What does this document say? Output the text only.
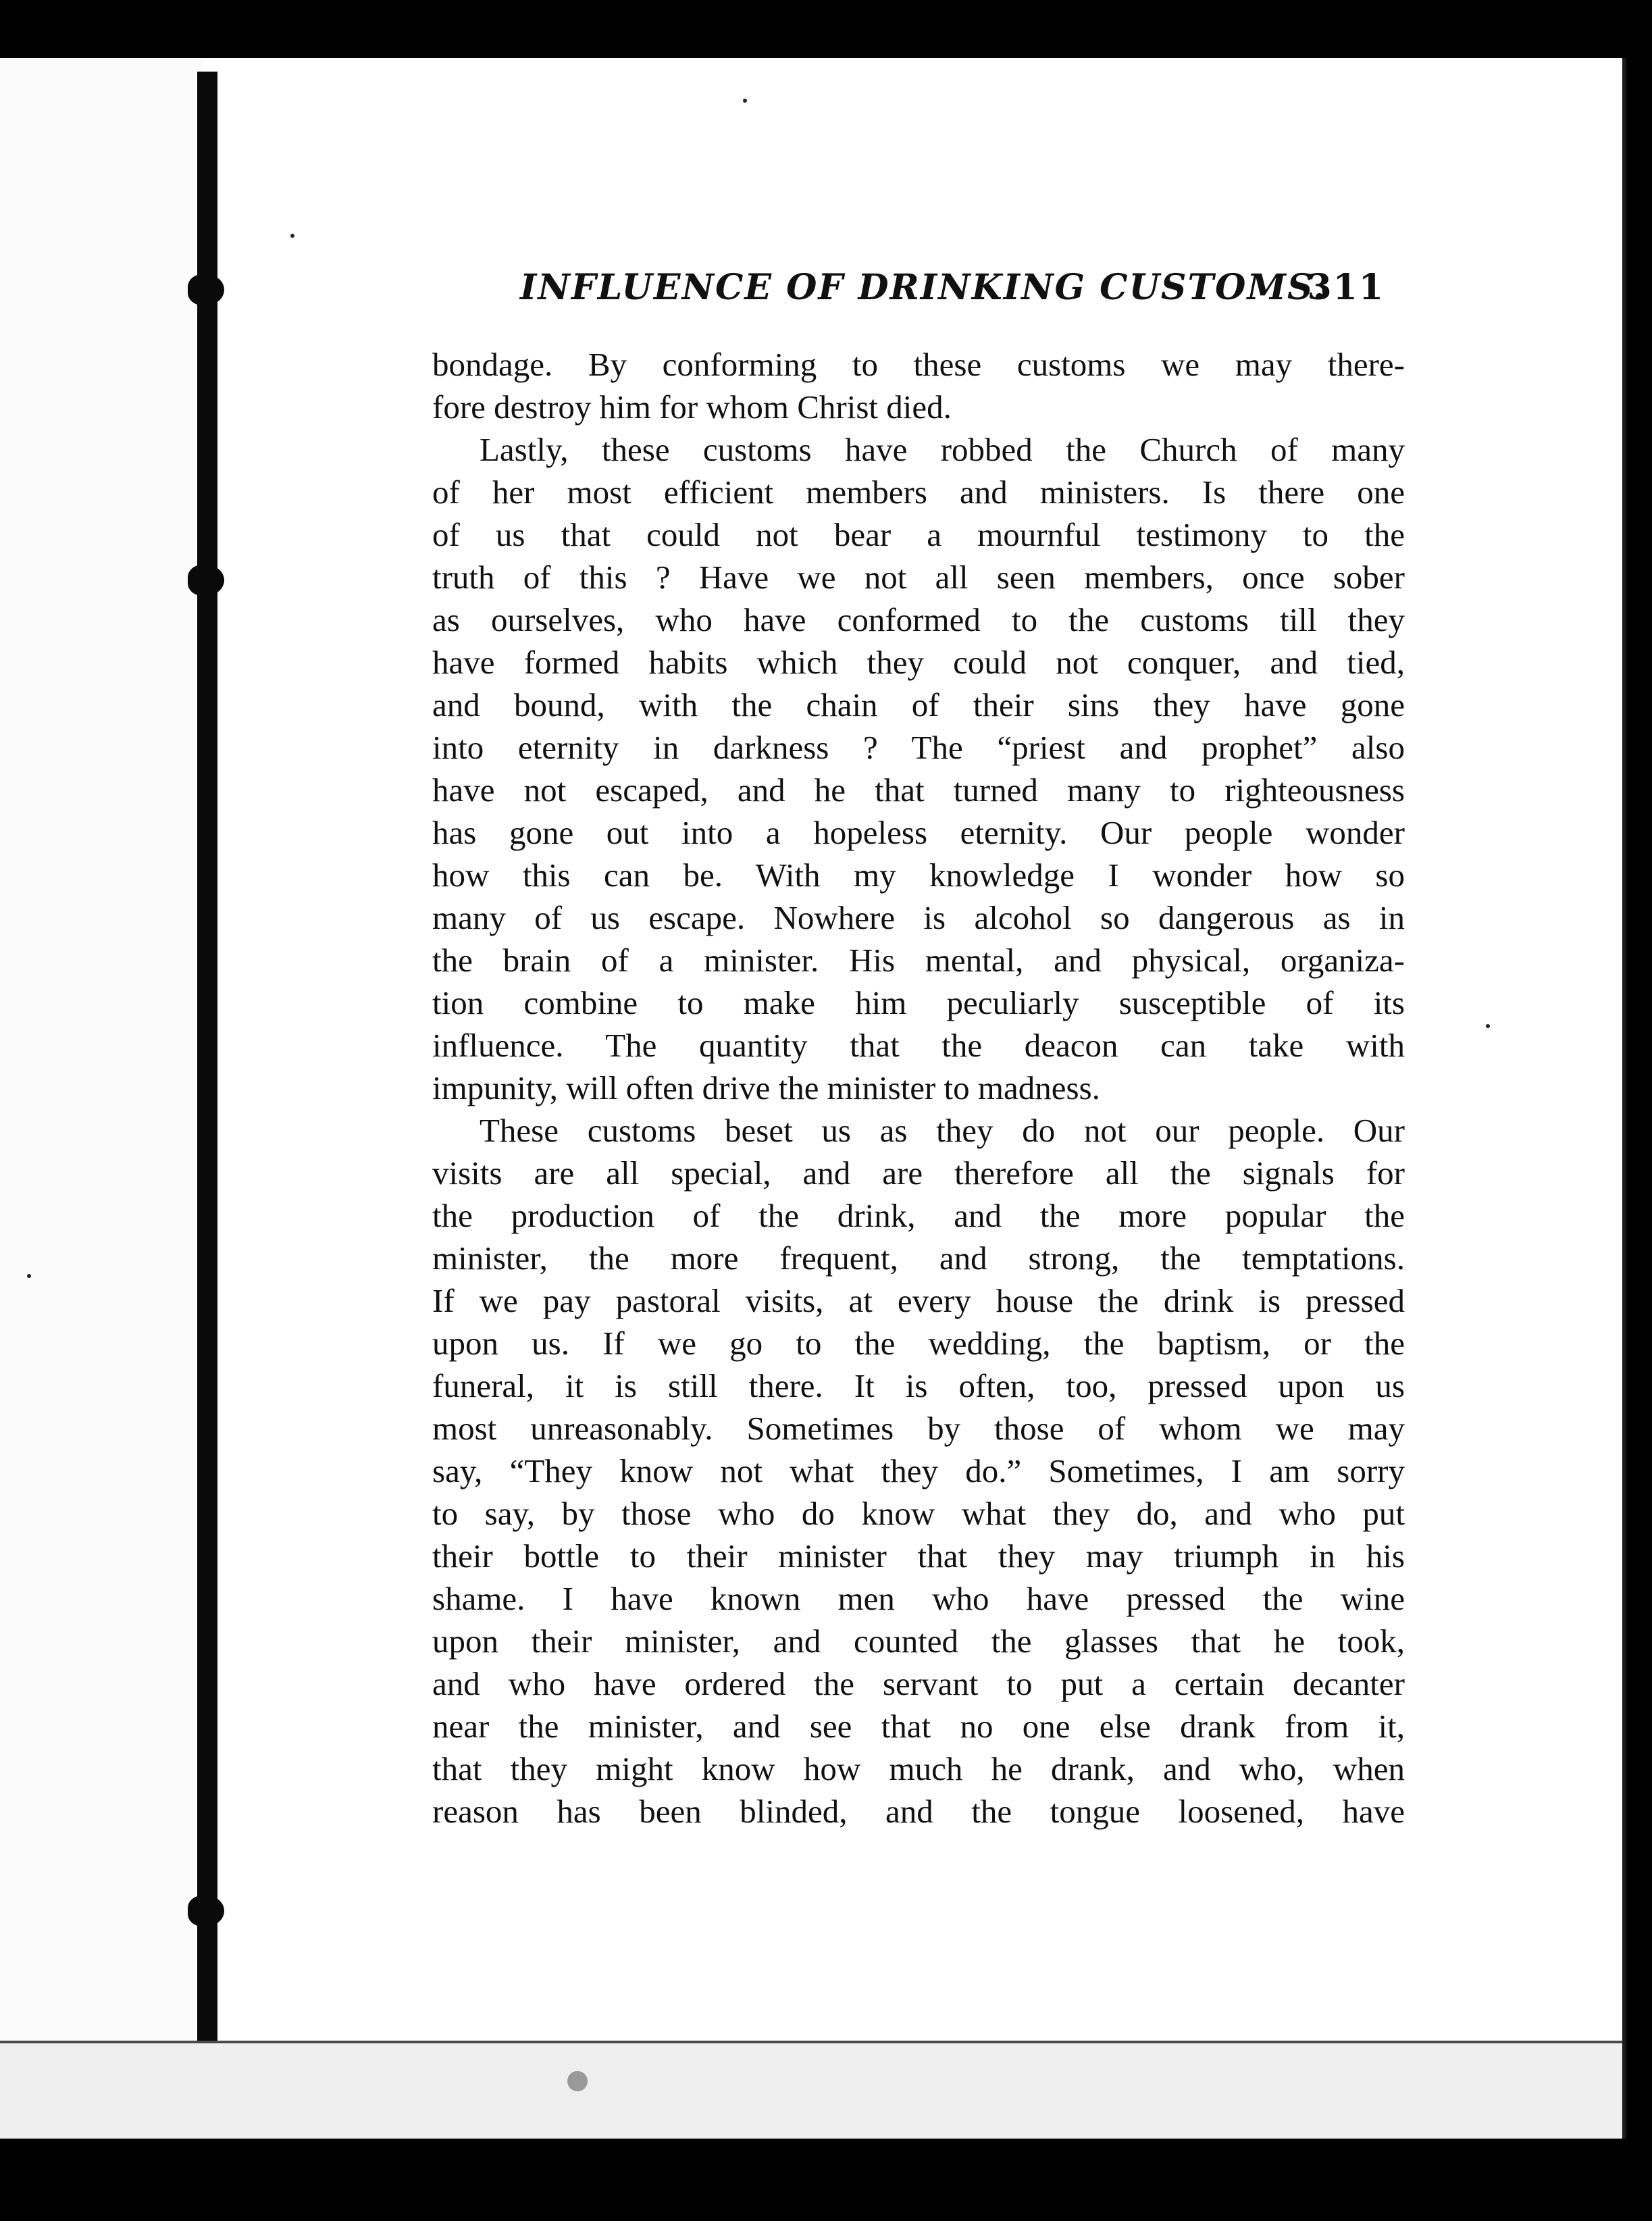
INFLUENCE OF DRINKING CUSTOMS.
311
bondage. By conforming to these customs we may there-
fore destroy him for whom Christ died.
Lastly, these customs have robbed the Church of many
of her most efficient members and ministers. Is there one
of us that could not bear a mournful testimony to the
truth of this ? Have we not all seen members, once sober
as ourselves, who have conformed to the customs till they
have formed habits which they could not conquer, and tied,
and bound, with the chain of their sins they have gone
into eternity in darkness ? The “priest and prophet” also
have not escaped, and he that turned many to righteousness
has gone out into a hopeless eternity. Our people wonder
how this can be. With my knowledge I wonder how so
many of us escape. Nowhere is alcohol so dangerous as in
the brain of a minister. His mental, and physical, organiza-
tion combine to make him peculiarly susceptible of its
influence. The quantity that the deacon can take with
impunity, will often drive the minister to madness.
These customs beset us as they do not our people. Our
visits are all special, and are therefore all the signals for
the production of the drink, and the more popular the
minister, the more frequent, and strong, the temptations.
If we pay pastoral visits, at every house the drink is pressed
upon us. If we go to the wedding, the baptism, or the
funeral, it is still there. It is often, too, pressed upon us
most unreasonably. Sometimes by those of whom we may
say, “They know not what they do.” Sometimes, I am sorry
to say, by those who do know what they do, and who put
their bottle to their minister that they may triumph in his
shame. I have known men who have pressed the wine
upon their minister, and counted the glasses that he took,
and who have ordered the servant to put a certain decanter
near the minister, and see that no one else drank from it,
that they might know how much he drank, and who, when
reason has been blinded, and the tongue loosened, have
